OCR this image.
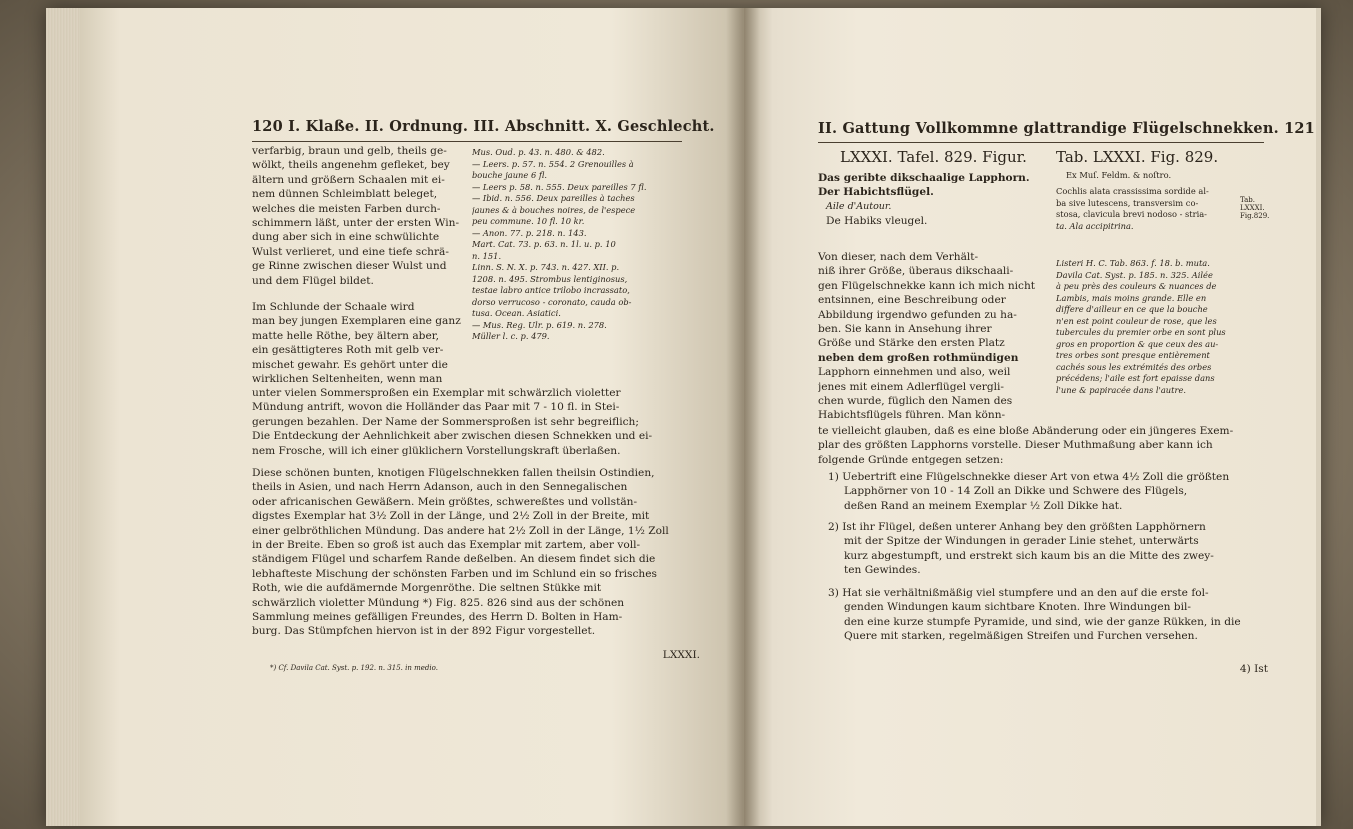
120 I. Klaße. II. Ordnung. III. Abschnitt. X. Geschlecht.
verfarbig, braun und gelb, theils ge-
wölkt, theils angenehm gefleket, bey
ältern und größern Schaalen mit ei-
nem dünnen Schleimblatt beleget,
welches die meisten Farben durch-
schimmern läßt, unter der ersten Win-
dung aber sich in eine schwülichte
Wulst verlieret, und eine tiefe schrä-
ge Rinne zwischen dieser Wulst und
und dem Flügel bildet.
Im Schlunde der Schaale wird
man bey jungen Exemplaren eine ganz
matte helle Röthe, bey ältern aber,
ein gesättigteres Roth mit gelb ver-
mischet gewahr. Es gehört unter die
wirklichen Seltenheiten, wenn man
Mus. Oud. p. 43. n. 480. & 482.
— Leers. p. 57. n. 554. 2 Grenouilles à
bouche jaune 6 fl.
— Leers p. 58. n. 555. Deux pareilles 7 fl.
— Ibid. n. 556. Deux pareilles à taches
jaunes & à bouches noires, de l'espece
peu commune. 10 fl. 10 kr.
— Anon. 77. p. 218. n. 143.
Mart. Cat. 73. p. 63. n. 1l. u. p. 10
n. 151.
Linn. S. N. X. p. 743. n. 427. XII. p.
1208. n. 495. Strombus lentiginosus,
testae labro antice trilobo incrassato,
dorso verrucoso - coronato, cauda ob-
tusa. Ocean. Asiatici.
— Mus. Reg. Ulr. p. 619. n. 278.
Müller l. c. p. 479.
unter vielen Sommersproßen ein Exemplar mit schwärzlich violetter
Mündung antrift, wovon die Holländer das Paar mit 7 - 10 fl. in Stei-
gerungen bezahlen. Der Name der Sommersproßen ist sehr begreiflich;
Die Entdeckung der Aehnlichkeit aber zwischen diesen Schnekken und ei-
nem Frosche, will ich einer glüklichern Vorstellungskraft überlaßen.
Diese schönen bunten, knotigen Flügelschnekken fallen theilsin Ostindien,
theils in Asien, und nach Herrn Adanson, auch in den Sennegalischen
oder africanischen Gewäßern. Mein größtes, schwereßtes und vollstän-
digstes Exemplar hat 3½ Zoll in der Länge, und 2½ Zoll in der Breite, mit
einer gelbröthlichen Mündung. Das andere hat 2½ Zoll in der Länge, 1½ Zoll
in der Breite. Eben so groß ist auch das Exemplar mit zartem, aber voll-
ständigem Flügel und scharfem Rande deßelben. An diesem findet sich die
lebhafteste Mischung der schönsten Farben und im Schlund ein so frisches
Roth, wie die aufdämernde Morgenröthe. Die seltnen Stükke mit
schwärzlich violetter Mündung *) Fig. 825. 826 sind aus der schönen
Sammlung meines gefälligen Freundes, des Herrn D. Bolten in Ham-
burg. Das Stümpfchen hiervon ist in der 892 Figur vorgestellet.
LXXXI.
*) Cf. Davila Cat. Syst. p. 192. n. 315. in medio.
II. Gattung Vollkommne glattrandige Flügelschnekken. 121
LXXXI. Tafel. 829. Figur. Tab. LXXXI. Fig. 829.
Ex Muſ. Feldm. & noſtro.
Das geribte dikschaalige Lapphorn.
Der Habichtsflügel.
Aile d'Autour.
De Habiks vleugel.
Cochlis alata crassissima sordide al-
ba sive lutescens, transversim co-
stosa, clavicula brevi nodoso - stria-
ta. Ala accipitrina.
Tab. LXXXI. Fig.829.
Von dieser, nach dem Verhält-
niß ihrer Größe, überaus dikschaali-
gen Flügelschnekke kann ich mich nicht
entsinnen, eine Beschreibung oder
Abbildung irgendwo gefunden zu ha-
ben. Sie kann in Ansehung ihrer
Größe und Stärke den ersten Platz
neben dem großen rothmündigen
Lapphorn einnehmen und also, weil
jenes mit einem Adlerflügel vergli-
chen wurde, füglich den Namen des
Habichtsflügels führen. Man könn-
Listeri H. C. Tab. 863. f. 18. b. muta.
Davila Cat. Syst. p. 185. n. 325. Ailée
à peu près des couleurs & nuances de
Lambis, mais moins grande. Elle en
differe d'ailleur en ce que la bouche
n'en est point couleur de rose, que les
tubercules du premier orbe en sont plus
gros en proportion & que ceux des au-
tres orbes sont presque entièrement
cachés sous les extrémités des orbes
précédens; l'aile est fort epaisse dans
l'une & papiracée dans l'autre.
te vielleicht glauben, daß es eine bloße Abänderung oder ein jüngeres Exem-
plar des größten Lapphorns vorstelle. Dieser Muthmaßung aber kann ich
folgende Gründe entgegen setzen:
1) Uebertrift eine Flügelschnekke dieser Art von etwa 4½ Zoll die größten
Lapphörner von 10 - 14 Zoll an Dikke und Schwere des Flügels,
deßen Rand an meinem Exemplar ½ Zoll Dikke hat.
2) Ist ihr Flügel, deßen unterer Anhang bey den größten Lapphörnern
mit der Spitze der Windungen in gerader Linie stehet, unterwärts
kurz abgestumpft, und erstrekt sich kaum bis an die Mitte des zwey-
ten Gewindes.
3) Hat sie verhältnißmäßig viel stumpfere und an den auf die erste fol-
genden Windungen kaum sichtbare Knoten. Ihre Windungen bil-
den eine kurze stumpfe Pyramide, und sind, wie der ganze Rükken, in die
Quere mit starken, regelmäßigen Streifen und Furchen versehen.
4) Ist
